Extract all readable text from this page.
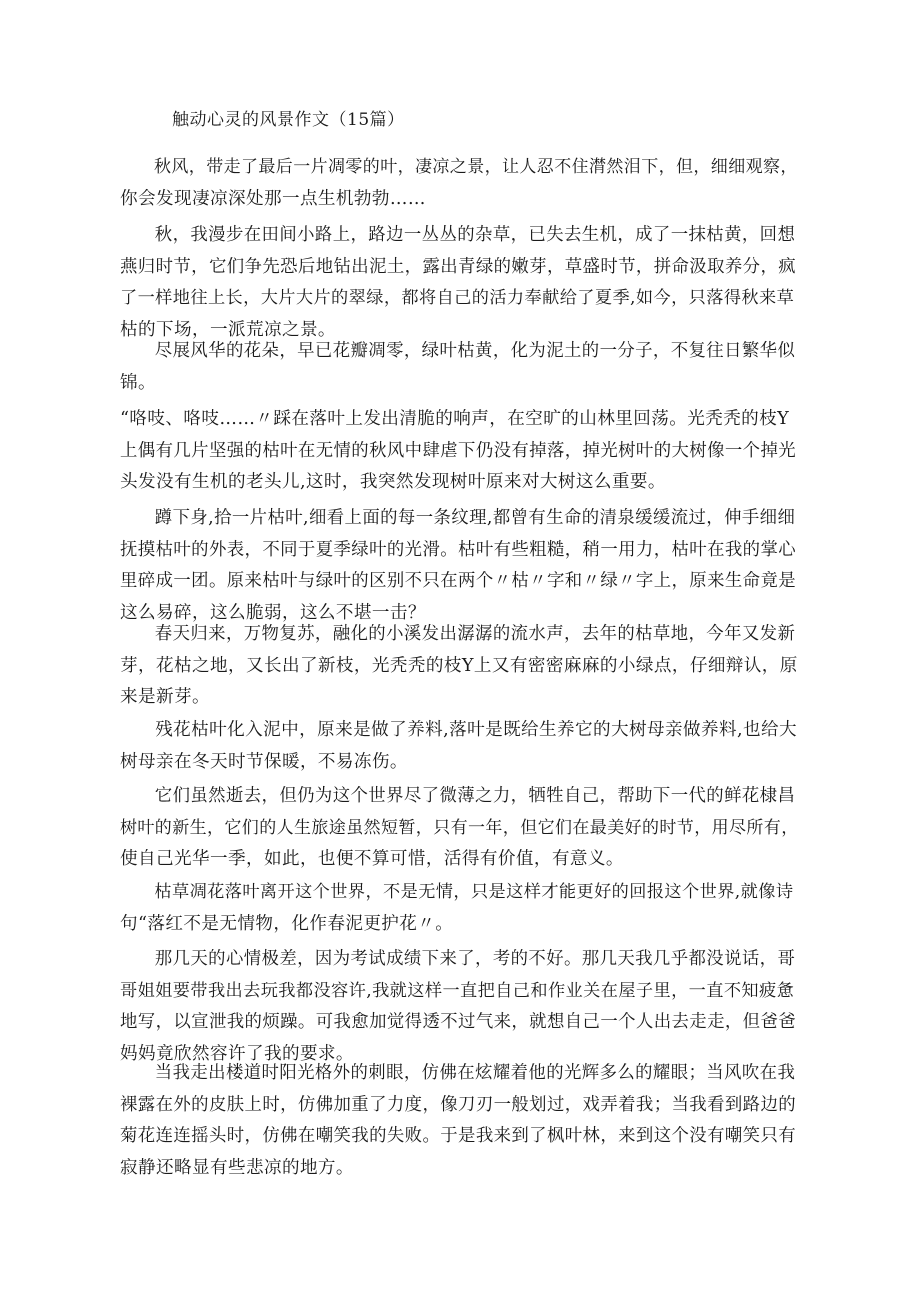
触动心灵的风景作文（15篇）

秋风，带走了最后一片凋零的叶，凄凉之景，让人忍不住潸然泪下，但，细细观察，
你会发现凄凉深处那一点生机勃勃……

秋，我漫步在田间小路上，路边一丛丛的杂草，已失去生机，成了一抹枯黄，回想
燕归时节，它们争先恐后地钻出泥土，露出青绿的嫩芽，草盛时节，拼命汲取养分，疯
了一样地往上长，大片大片的翠绿，都将自己的活力奉献给了夏季,如今，只落得秋来草
枯的下场，一派荒凉之景。

尽展风华的花朵，早已花瓣凋零，绿叶枯黄，化为泥土的一分子，不复往日繁华似
锦。

“咯吱、咯吱……〃踩在落叶上发出清脆的响声，在空旷的山林里回荡。光秃秃的枝Y
上偶有几片坚强的枯叶在无情的秋风中肆虐下仍没有掉落，掉光树叶的大树像一个掉光
头发没有生机的老头儿,这时，我突然发现树叶原来对大树这么重要。

蹲下身,拾一片枯叶,细看上面的每一条纹理,都曾有生命的清泉缓缓流过，伸手细细
抚摸枯叶的外表，不同于夏季绿叶的光滑。枯叶有些粗糙，稍一用力，枯叶在我的掌心
里碎成一团。原来枯叶与绿叶的区别不只在两个〃枯〃字和〃绿〃字上，原来生命竟是
这么易碎，这么脆弱，这么不堪一击？

春天归来，万物复苏，融化的小溪发出潺潺的流水声，去年的枯草地，今年又发新
芽，花枯之地，又长出了新枝，光秃秃的枝Y上又有密密麻麻的小绿点，仔细辩认，原
来是新芽。

残花枯叶化入泥中，原来是做了养料,落叶是既给生养它的大树母亲做养料,也给大
树母亲在冬天时节保暖，不易冻伤。

它们虽然逝去，但仍为这个世界尽了微薄之力，牺牲自己，帮助下一代的鲜花棣昌
树叶的新生，它们的人生旅途虽然短暂，只有一年，但它们在最美好的时节，用尽所有，
使自己光华一季，如此，也便不算可惜，活得有价值，有意义。

枯草凋花落叶离开这个世界，不是无情，只是这样才能更好的回报这个世界,就像诗
句“落红不是无情物，化作春泥更护花〃。

那几天的心情极差，因为考试成绩下来了，考的不好。那几天我几乎都没说话，哥
哥姐姐要带我出去玩我都没容许,我就这样一直把自己和作业关在屋子里，一直不知疲惫
地写，以宣泄我的烦躁。可我愈加觉得透不过气来，就想自己一个人出去走走，但爸爸
妈妈竟欣然容许了我的要求。

当我走出楼道时阳光格外的刺眼，仿佛在炫耀着他的光辉多么的耀眼；当风吹在我
裸露在外的皮肤上时，仿佛加重了力度，像刀刃一般划过，戏弄着我；当我看到路边的
菊花连连摇头时，仿佛在嘲笑我的失败。于是我来到了枫叶林，来到这个没有嘲笑只有
寂静还略显有些悲凉的地方。
